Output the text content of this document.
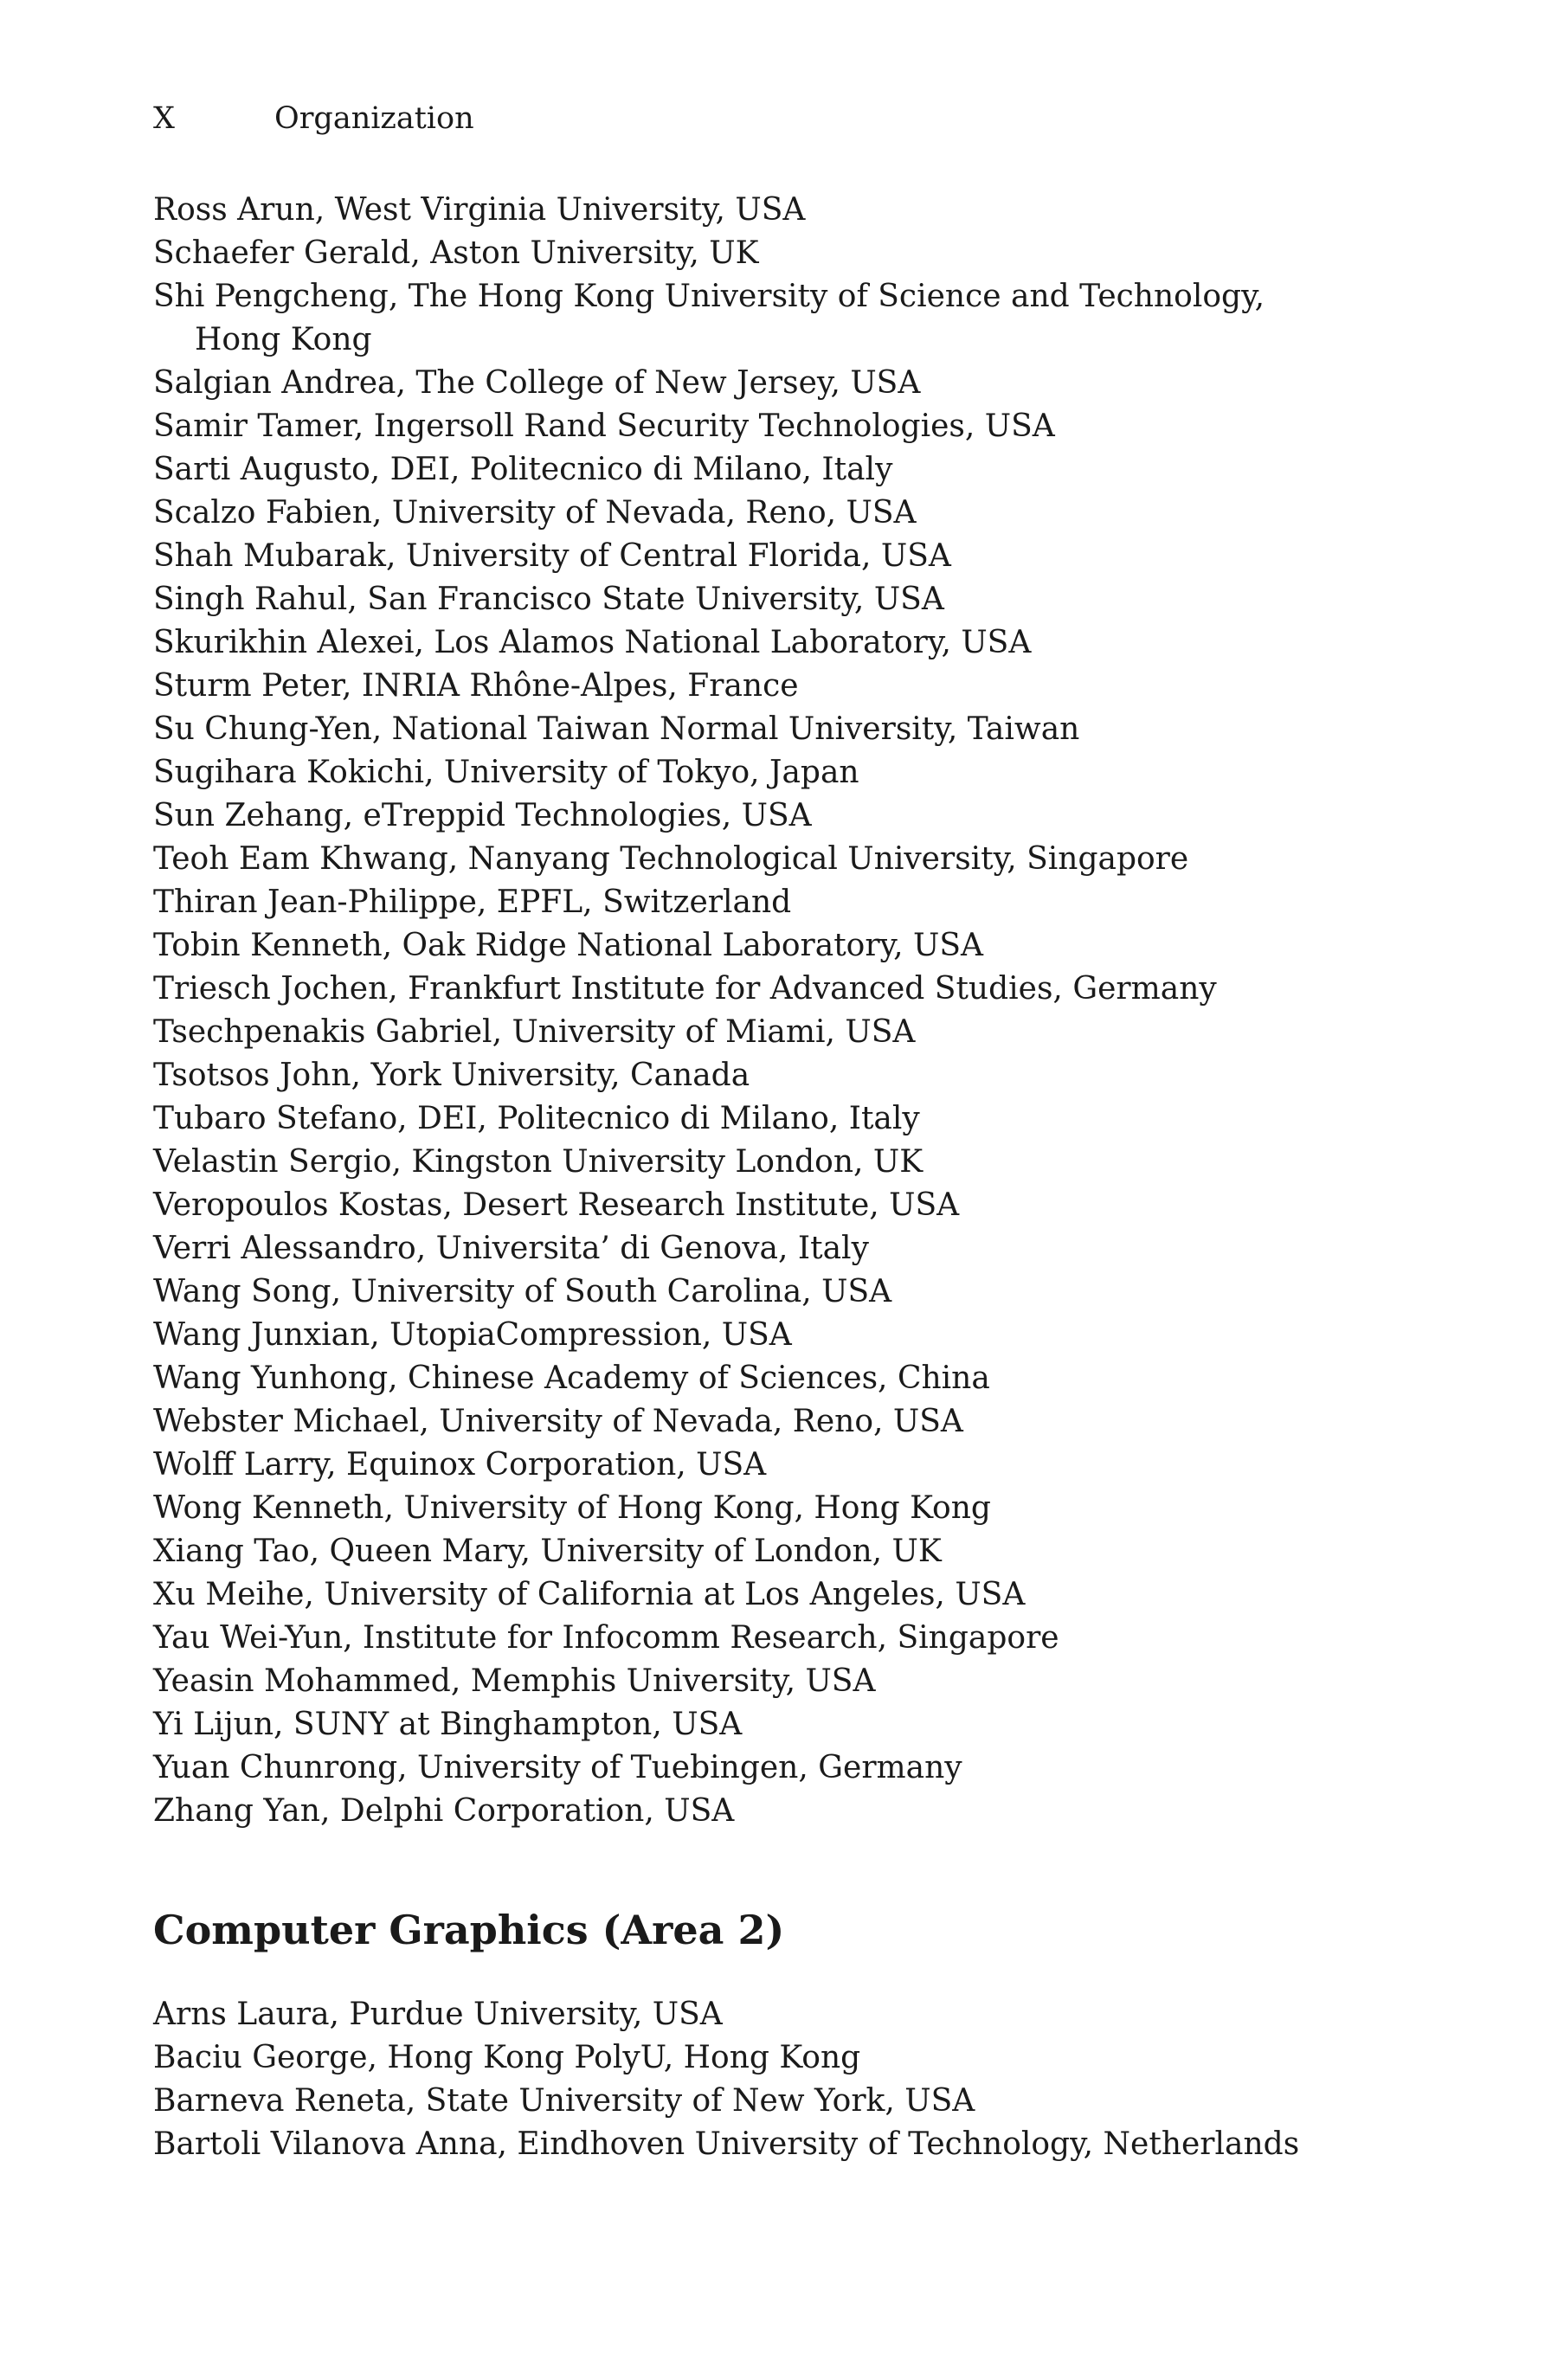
X	Organization
Ross Arun, West Virginia University, USA
Schaefer Gerald, Aston University, UK
Shi Pengcheng, The Hong Kong University of Science and Technology,
Hong Kong
Salgian Andrea, The College of New Jersey, USA
Samir Tamer, Ingersoll Rand Security Technologies, USA
Sarti Augusto, DEI, Politecnico di Milano, Italy
Scalzo Fabien, University of Nevada, Reno, USA
Shah Mubarak, University of Central Florida, USA
Singh Rahul, San Francisco State University, USA
Skurikhin Alexei, Los Alamos National Laboratory, USA
Sturm Peter, INRIA Rhône-Alpes, France
Su Chung-Yen, National Taiwan Normal University, Taiwan
Sugihara Kokichi, University of Tokyo, Japan
Sun Zehang, eTreppid Technologies, USA
Teoh Eam Khwang, Nanyang Technological University, Singapore
Thiran Jean-Philippe, EPFL, Switzerland
Tobin Kenneth, Oak Ridge National Laboratory, USA
Triesch Jochen, Frankfurt Institute for Advanced Studies, Germany
Tsechpenakis Gabriel, University of Miami, USA
Tsotsos John, York University, Canada
Tubaro Stefano, DEI, Politecnico di Milano, Italy
Velastin Sergio, Kingston University London, UK
Veropoulos Kostas, Desert Research Institute, USA
Verri Alessandro, Universita’ di Genova, Italy
Wang Song, University of South Carolina, USA
Wang Junxian, UtopiaCompression, USA
Wang Yunhong, Chinese Academy of Sciences, China
Webster Michael, University of Nevada, Reno, USA
Wolff Larry, Equinox Corporation, USA
Wong Kenneth, University of Hong Kong, Hong Kong
Xiang Tao, Queen Mary, University of London, UK
Xu Meihe, University of California at Los Angeles, USA
Yau Wei-Yun, Institute for Infocomm Research, Singapore
Yeasin Mohammed, Memphis University, USA
Yi Lijun, SUNY at Binghampton, USA
Yuan Chunrong, University of Tuebingen, Germany
Zhang Yan, Delphi Corporation, USA
Computer Graphics (Area 2)
Arns Laura, Purdue University, USA
Baciu George, Hong Kong PolyU, Hong Kong
Barneva Reneta, State University of New York, USA
Bartoli Vilanova Anna, Eindhoven University of Technology, Netherlands
